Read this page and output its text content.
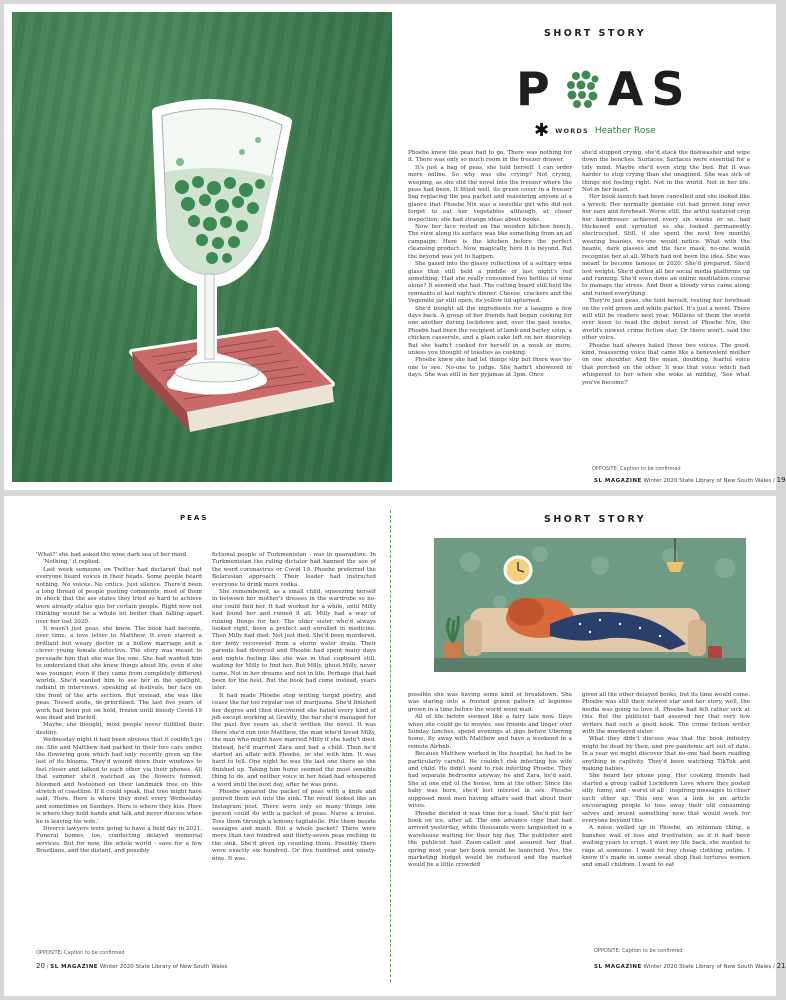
OPPOSITE: Caption to be confirmed
SHORT STORY
P AS
✱ WORDS Heather Rose

Phoebe knew the peas had to go. There was nothing for it. There was only so much room in the freezer drawer.

It's just a bag of peas, she told herself. I can order more online. So why was she crying? Not crying, weeping, as she slid the novel into the freezer where the peas had been. It fitted well, its green cover in a freezer bag replacing the pea packet and reassuring anyone at a glance that Phoebe Nix was a sensible girl who did not forget to eat her vegetables although, at closer inspection, she had strange ideas about books.

Now her face rested on the wooden kitchen bench. The view along its surface was like something from an ad campaign: Here is the kitchen before the perfect cleansing product. Now, magically, here it is beyond. But the beyond was yet to happen.

She gazed into the glassy reflections of a solitary wine glass that still held a puddle of last night's red something. Had she really consumed two bottles of wine alone? It seemed she had. The cutting board still held the remnants of last night's dinner. Cheese, crackers and the Vegemite jar still open, its yellow lid upturned.

She'd bought all the ingredients for a lasagne a few days back. A group of her friends had begun cooking for one another during lockdown and, over the past weeks, Phoebe had been the recipient of lamb and barley soup, a chicken casserole, and a plain cake left on her doorstep. But she hadn't cooked for herself in a week or more, unless you thought of toasties as cooking.

Phoebe knew she had let things slip but there was no-one to see. No-one to judge. She hadn't showered in days. She was still in her pyjamas at 3pm. Once

she'd stopped crying, she'd stack the dishwasher and wipe down the benches. Surfaces. Surfaces were essential for a tidy mind. Maybe she'd even strip the bed. But it was harder to stop crying than she imagined. She was sick of things not feeling right. Not in the world. Not in her life. Not in her heart.

Her book launch had been cancelled and she looked like a wreck. Her normally genuine cut had grown long over her ears and forehead. Worse still, the artful textured crop her hairdresser achieved every six weeks or so, had thickened and sprouted so she looked permanently electrocuted. Still, if she spent the next few months wearing beanies, no-one would notice. What with the beanie, dark glasses and the face mask, no-one would recognise her at all. Which had not been the idea. She was meant to become famous in 2020. She'd prepared. She'd lost weight. She'd gotten all her social media platforms up and running. She'd even done an online meditation course to manage the stress. And then a bloody virus came along and ruined everything.

They're just peas, she told herself, resting her forehead on the cold green and white packet. It's just a novel. There will still be readers next year. Millions of them the world over keen to read the debut novel of Phoebe Nix, the world's newest crime fiction star. Or there won't, said the other voice.

Phoebe had always hated those two voices. The good, kind, reassuring voice that came like a benevolent mother on one shoulder. And the mean, doubting, fearful voice that perched on the other. It was that voice which had whispered to her when she woke at midday, 'See what you've become?'

SL MAGAZINE Winter 2020 State Library of New South Wales / 19
PEAS

'What?' she had asked the wine dark sea of her mind.

'Nothing,' it replied.

Last week someone on Twitter had declared that not everyone heard voices in their heads. Some people heard nothing. No voices. No critics. Just silence. There'd been a long thread of people posting comments, most of them in shock that the ass states they tried so hard to achieve were already status quo for certain people. Right now not thinking would be a whole lot better than falling apart over her lost 2020.

It wasn't just peas, she knew. The book had become, over time, a love letter to Matthew. It even starred a brilliant but weary doctor in a hollow marriage and a clever young female detective. The story was meant to persuade him that she was the one. She had wanted him to understand that she knew things about life, even if she was younger, even if they came from completely different worlds. She'd wanted him to see her in the spotlight, radiant in interviews, speaking at festivals, her face on the front of the arts section. But instead, she was like peas. Tossed aside, de-prioritised. The last five years of work had been put on hold, frozen until bloody Covid-19 was dead and buried.

Maybe, she thought, most people never fulfilled their destiny.

Wednesday night it had been obvious that it couldn't go on. She and Matthew had parked in their two cars under the flowering gum which had only recently given up the last of its blooms. They'd wound down their windows to feel closer and talked to each other via their phones. All that summer she'd watched as the flowers formed, bloomed and festooned on their landmark tree on this stretch of coastline. If it could speak, that tree might have said, 'Here. Here is where they meet every Wednesday and sometimes on Sundays. Here is where they kiss. Here is where they hold hands and talk and never discuss when he is leaving his wife.'

Divorce lawyers were going to have a field day in 2021. Funeral homes, too, conducting delayed memorial services. But for now, the whole world - save for a few Brazilians, and the distant, and possibly

fictional people of Turkmenistan - was in quarantine. In Turkmenistan the ruling dictator had banned the use of the word coronavirus or Covid 19. Phoebe preferred the Belarusian approach. Their leader had instructed everyone to drink more vodka.

She remembered, as a small child, squeezing herself in between her mother's dresses in the wardrobe so no-one could find her. It had worked for a while, until Milly had found her and ruined it all. Milly had a way of ruining things for her. The older sister who'd always looked right, been a prefect and enrolled in medicine. Then Milly had died. Not just died. She'd been murdered, her body recovered from a storm water drain. Their parents had divorced and Phoebe had spent many days and nights feeling like she was in that cupboard still, waiting for Milly to find her. But Milly, ghost Milly, never came. Not in her dreams and not in life. Perhaps that had been for the best. But the book had come instead, years later.

It had made Phoebe stop writing turgid poetry, and cease the far too regular use of marijuana. She'd finished her degree and then discovered she hated every kind of job except working at Gravity, the bar she'd managed for the past five years as she'd written the novel. It was there she'd run into Matthew, the man who'd loved Milly, the man who might have married Milly if she hadn't died. Instead, he'd married Zara and had a child. Then he'd started an affair with Phoebe, or she with him. It was hard to tell. One night he was the last one there as she finished up. Taking him home seemed the most sensible thing to do, and neither voice in her head had whispered a word until the next day, after he was gone.

Phoebe speared the packet of peas with a knife and poured them out into the sink. The result looked like an Instagram post. There were only so many things one person could do with a packet of peas. Nurse a bruise. Toss them through a lemony tagliatelle. Pile them beside sausages and mash. But a whole packet? There were more than two hundred and thirty-seven peas melting in the sink. She'd given up counting them. Possibly there were exactly six hundred. Or five hundred and ninety-nine. It was

OPPOSITE: Caption to be confirmed
20 / SL MAGAZINE Winter 2020 State Library of New South Wales
SHORT STORY

possible she was having some kind of breakdown. She was staring into a frosted green pattern of legumes grown in a time before the world went mad.

All of life before seemed like a fairy tale now. Days when she could go to movies, see friends and linger over Sunday lunches, spend evenings at gigs before Ubering home, fly away with Matthew and have a weekend in a remote Airbnb.

Because Matthew worked in the hospital, he had to be particularly careful. He couldn't risk infecting his wife and child. He didn't want to risk infecting Phoebe. They had separate bedrooms anyway, he and Zara, he'd said. She at one end of the house, him at the other. Since the baby was born, she'd lost interest in sex. Phoebe supposed most men having affairs said that about their wives.

Phoebe decided it was time for a toast. She'd put her book on ice, after all. The one advance copy that had arrived yesterday, while thousands were languished in a warehouse waiting for their big day. The publisher and the publicist had Zoom-called and assured her that spring next year her book would be launched. Yes, the marketing budget would be reduced and the market would be a little crowded

given all the other delayed books, but its time would come. Phoebe was still their newest star and her story, well, the media was going to love it. Phoebe had felt rather sick at this. But the publicist had assured her that very few writers had such a good hook. The crime fiction writer with the murdered sister.

What they didn't discuss was that the book industry might be dead by then, and pre-pandemic art out of date. In a year we might discover that no-one had been reading anything in captivity. They'd been watching TikTok and making babies.

She heard her phone ping. Her cooking friends had started a group called Lockdown Love where they posted silly, funny, and - worst of all - inspiring messages to cheer each other up. This one was a link to an article encouraging people to toss away their old consuming selves and invent something new that would work for everyone beyond this.

A noise welled up in Phoebe, an inhuman thing, a banshee wail of loss and frustration, as if it had been waiting years to erupt. I want my life back, she wanted to rage at someone. I want to buy cheap clothing online. I know it's made in some sweat shop that tortures women and small children. I want to eat

OPPOSITE: Caption to be confirmed
SL MAGAZINE Winter 2020 State Library of New South Wales / 21
